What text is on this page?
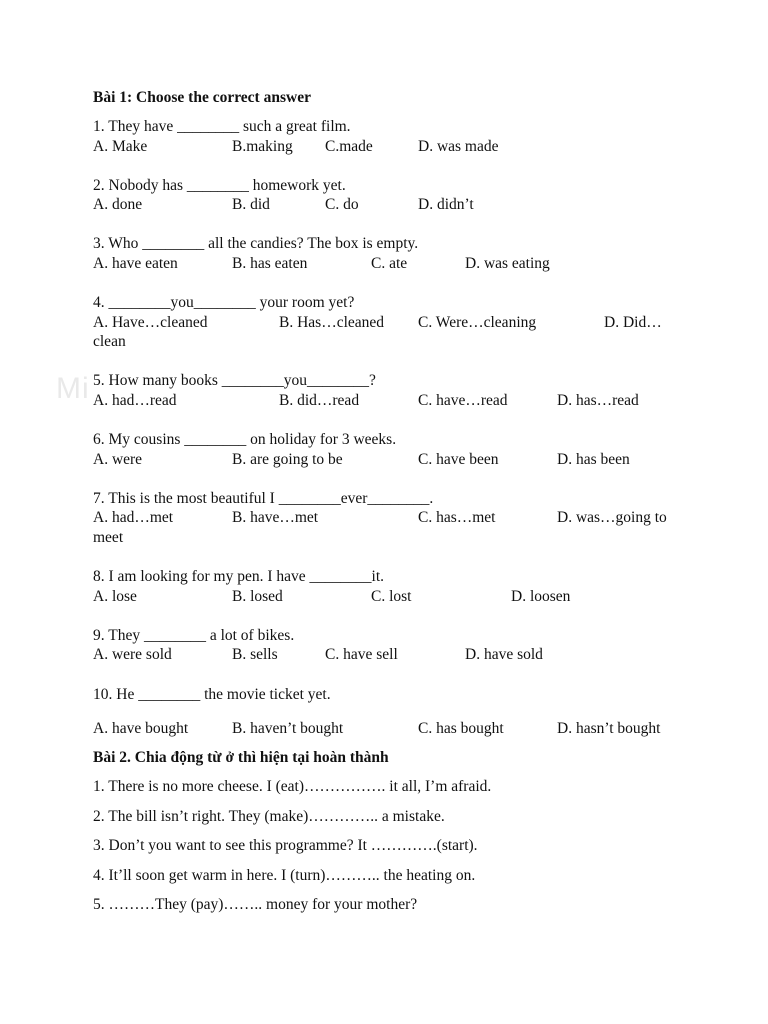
Mi
Bài 1: Choose the correct answer
1. They have ________ such a great film.
A. Make	B.making C.made	D. was made
2. Nobody has ________ homework yet.
A. done	B. did	C. do	D. didn’t
3. Who ________ all the candies? The box is empty.
A. have eaten	B. has eaten	C. ate	D. was eating
4. ________you________ your room yet?
A. Have…cleaned	B. Has…cleaned C. Were…cleaning	D. Did…
clean
5. How many books ________you________?
A. had…read	B. did…read	C. have…read	D. has…read
6. My cousins ________ on holiday for 3 weeks.
A. were	B. are going to be	C. have been	D. has been
7. This is the most beautiful I ________ever________.
A. had…met	B. have…met	C. has…met	D. was…going to
meet
8. I am looking for my pen. I have ________it.
A. lose	B. losed	C. lost	D. loosen
9. They ________ a lot of bikes.
A. were sold	B. sells	C. have sell	D. have sold
10. He ________ the movie ticket yet.
A. have bought	B. haven’t bought	C. has bought	D. hasn’t bought
Bài 2. Chia động từ ở thì hiện tại hoàn thành
1. There is no more cheese. I (eat)……………. it all, I’m afraid.
2. The bill isn’t right. They (make)………….. a mistake.
3. Don’t you want to see this programme? It ………….(start).
4. It’ll soon get warm in here. I (turn)……….. the heating on.
5. ………They (pay)…….. money for your mother?
